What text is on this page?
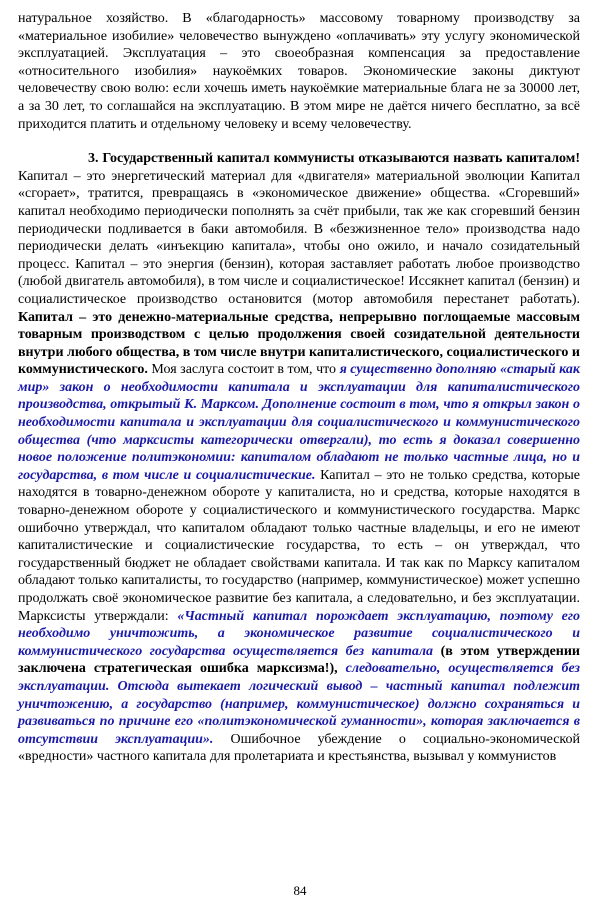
натуральное хозяйство. В «благодарность» массовому товарному производству за «материальное изобилие» человечество вынуждено «оплачивать» эту услугу экономической эксплуатацией. Эксплуатация – это своеобразная компенсация за предоставление «относительного изобилия» наукоёмких товаров. Экономические законы диктуют человечеству свою волю: если хочешь иметь наукоёмкие материальные блага не за 30000 лет, а за 30 лет, то соглашайся на эксплуатацию. В этом мире не даётся ничего бесплатно, за всё приходится платить и отдельному человеку и всему человечеству.

3. Государственный капитал коммунисты отказываются назвать капиталом! Капитал – это энергетический материал для «двигателя» материальной эволюции Капитал «сгорает», тратится, превращаясь в «экономическое движение» общества. «Сгоревший» капитал необходимо периодически пополнять за счёт прибыли, так же как сгоревший бензин периодически подливается в баки автомобиля. В «безжизненное тело» производства надо периодически делать «инъекцию капитала», чтобы оно ожило, и начало созидательный процесс. Капитал – это энергия (бензин), которая заставляет работать любое производство (любой двигатель автомобиля), в том числе и социалистическое! Иссякнет капитал (бензин) и социалистическое производство остановится (мотор автомобиля перестанет работать). Капитал – это денежно-материальные средства, непрерывно поглощаемые массовым товарным производством с целью продолжения своей созидательной деятельности внутри любого общества, в том числе внутри капиталистического, социалистического и коммунистического. Моя заслуга состоит в том, что я существенно дополняю «старый как мир» закон о необходимости капитала и эксплуатации для капиталистического производства, открытый К. Марксом. Дополнение состоит в том, что я открыл закон о необходимости капитала и эксплуатации для социалистического и коммунистического общества (что марксисты категорически отвергали), то есть я доказал совершенно новое положение политэкономии: капиталом обладают не только частные лица, но и государства, в том числе и социалистические. Капитал – это не только средства, которые находятся в товарно-денежном обороте у капиталиста, но и средства, которые находятся в товарно-денежном обороте у социалистического и коммунистического государства. Маркс ошибочно утверждал, что капиталом обладают только частные владельцы, и его не имеют капиталистические и социалистические государства, то есть – он утверждал, что государственный бюджет не обладает свойствами капитала. И так как по Марксу капиталом обладают только капиталисты, то государство (например, коммунистическое) может успешно продолжать своё экономическое развитие без капитала, а следовательно, и без эксплуатации. Марксисты утверждали: «Частный капитал порождает эксплуатацию, поэтому его необходимо уничтожить, а экономическое развитие социалистического и коммунистического государства осуществляется без капитала (в этом утверждении заключена стратегическая ошибка марксизма!), следовательно, осуществляется без эксплуатации. Отсюда вытекает логический вывод – частный капитал подлежит уничтожению, а государство (например, коммунистическое) должно сохраняться и развиваться по причине его «политэкономической гуманности», которая заключается в отсутствии эксплуатации». Ошибочное убеждение о социально-экономической «вредности» частного капитала для пролетариата и крестьянства, вызывал у коммунистов

84
